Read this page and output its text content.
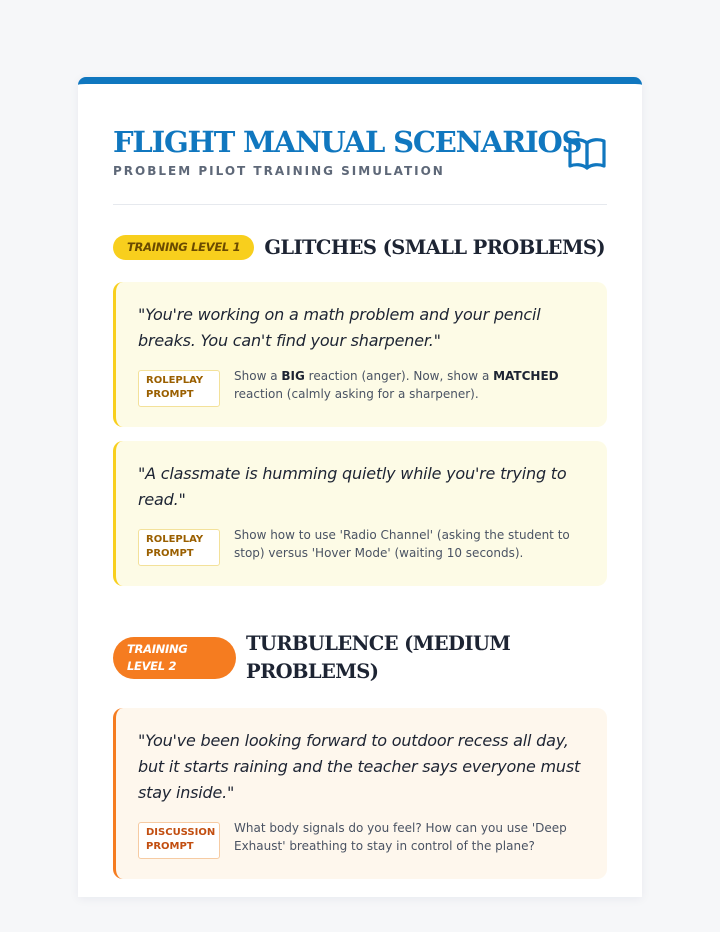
FLIGHT MANUAL SCENARIOS
PROBLEM PILOT TRAINING SIMULATION
TRAINING LEVEL 1	GLITCHES (SMALL PROBLEMS)

"You're working on a math problem and your pencil breaks. You can't find your sharpener."

ROLEPLAY PROMPT

Show a BIG reaction (anger). Now, show a MATCHED reaction (calmly asking for a sharpener).

"A classmate is humming quietly while you're trying to read."

ROLEPLAY PROMPT

Show how to use 'Radio Channel' (asking the student to stop) versus 'Hover Mode' (waiting 10 seconds).

TRAINING LEVEL 2
TURBULENCE (MEDIUM PROBLEMS)

"You've been looking forward to outdoor recess all day, but it starts raining and the teacher says everyone must stay inside."

DISCUSSION PROMPT

What body signals do you feel? How can you use 'Deep Exhaust' breathing to stay in control of the plane?
